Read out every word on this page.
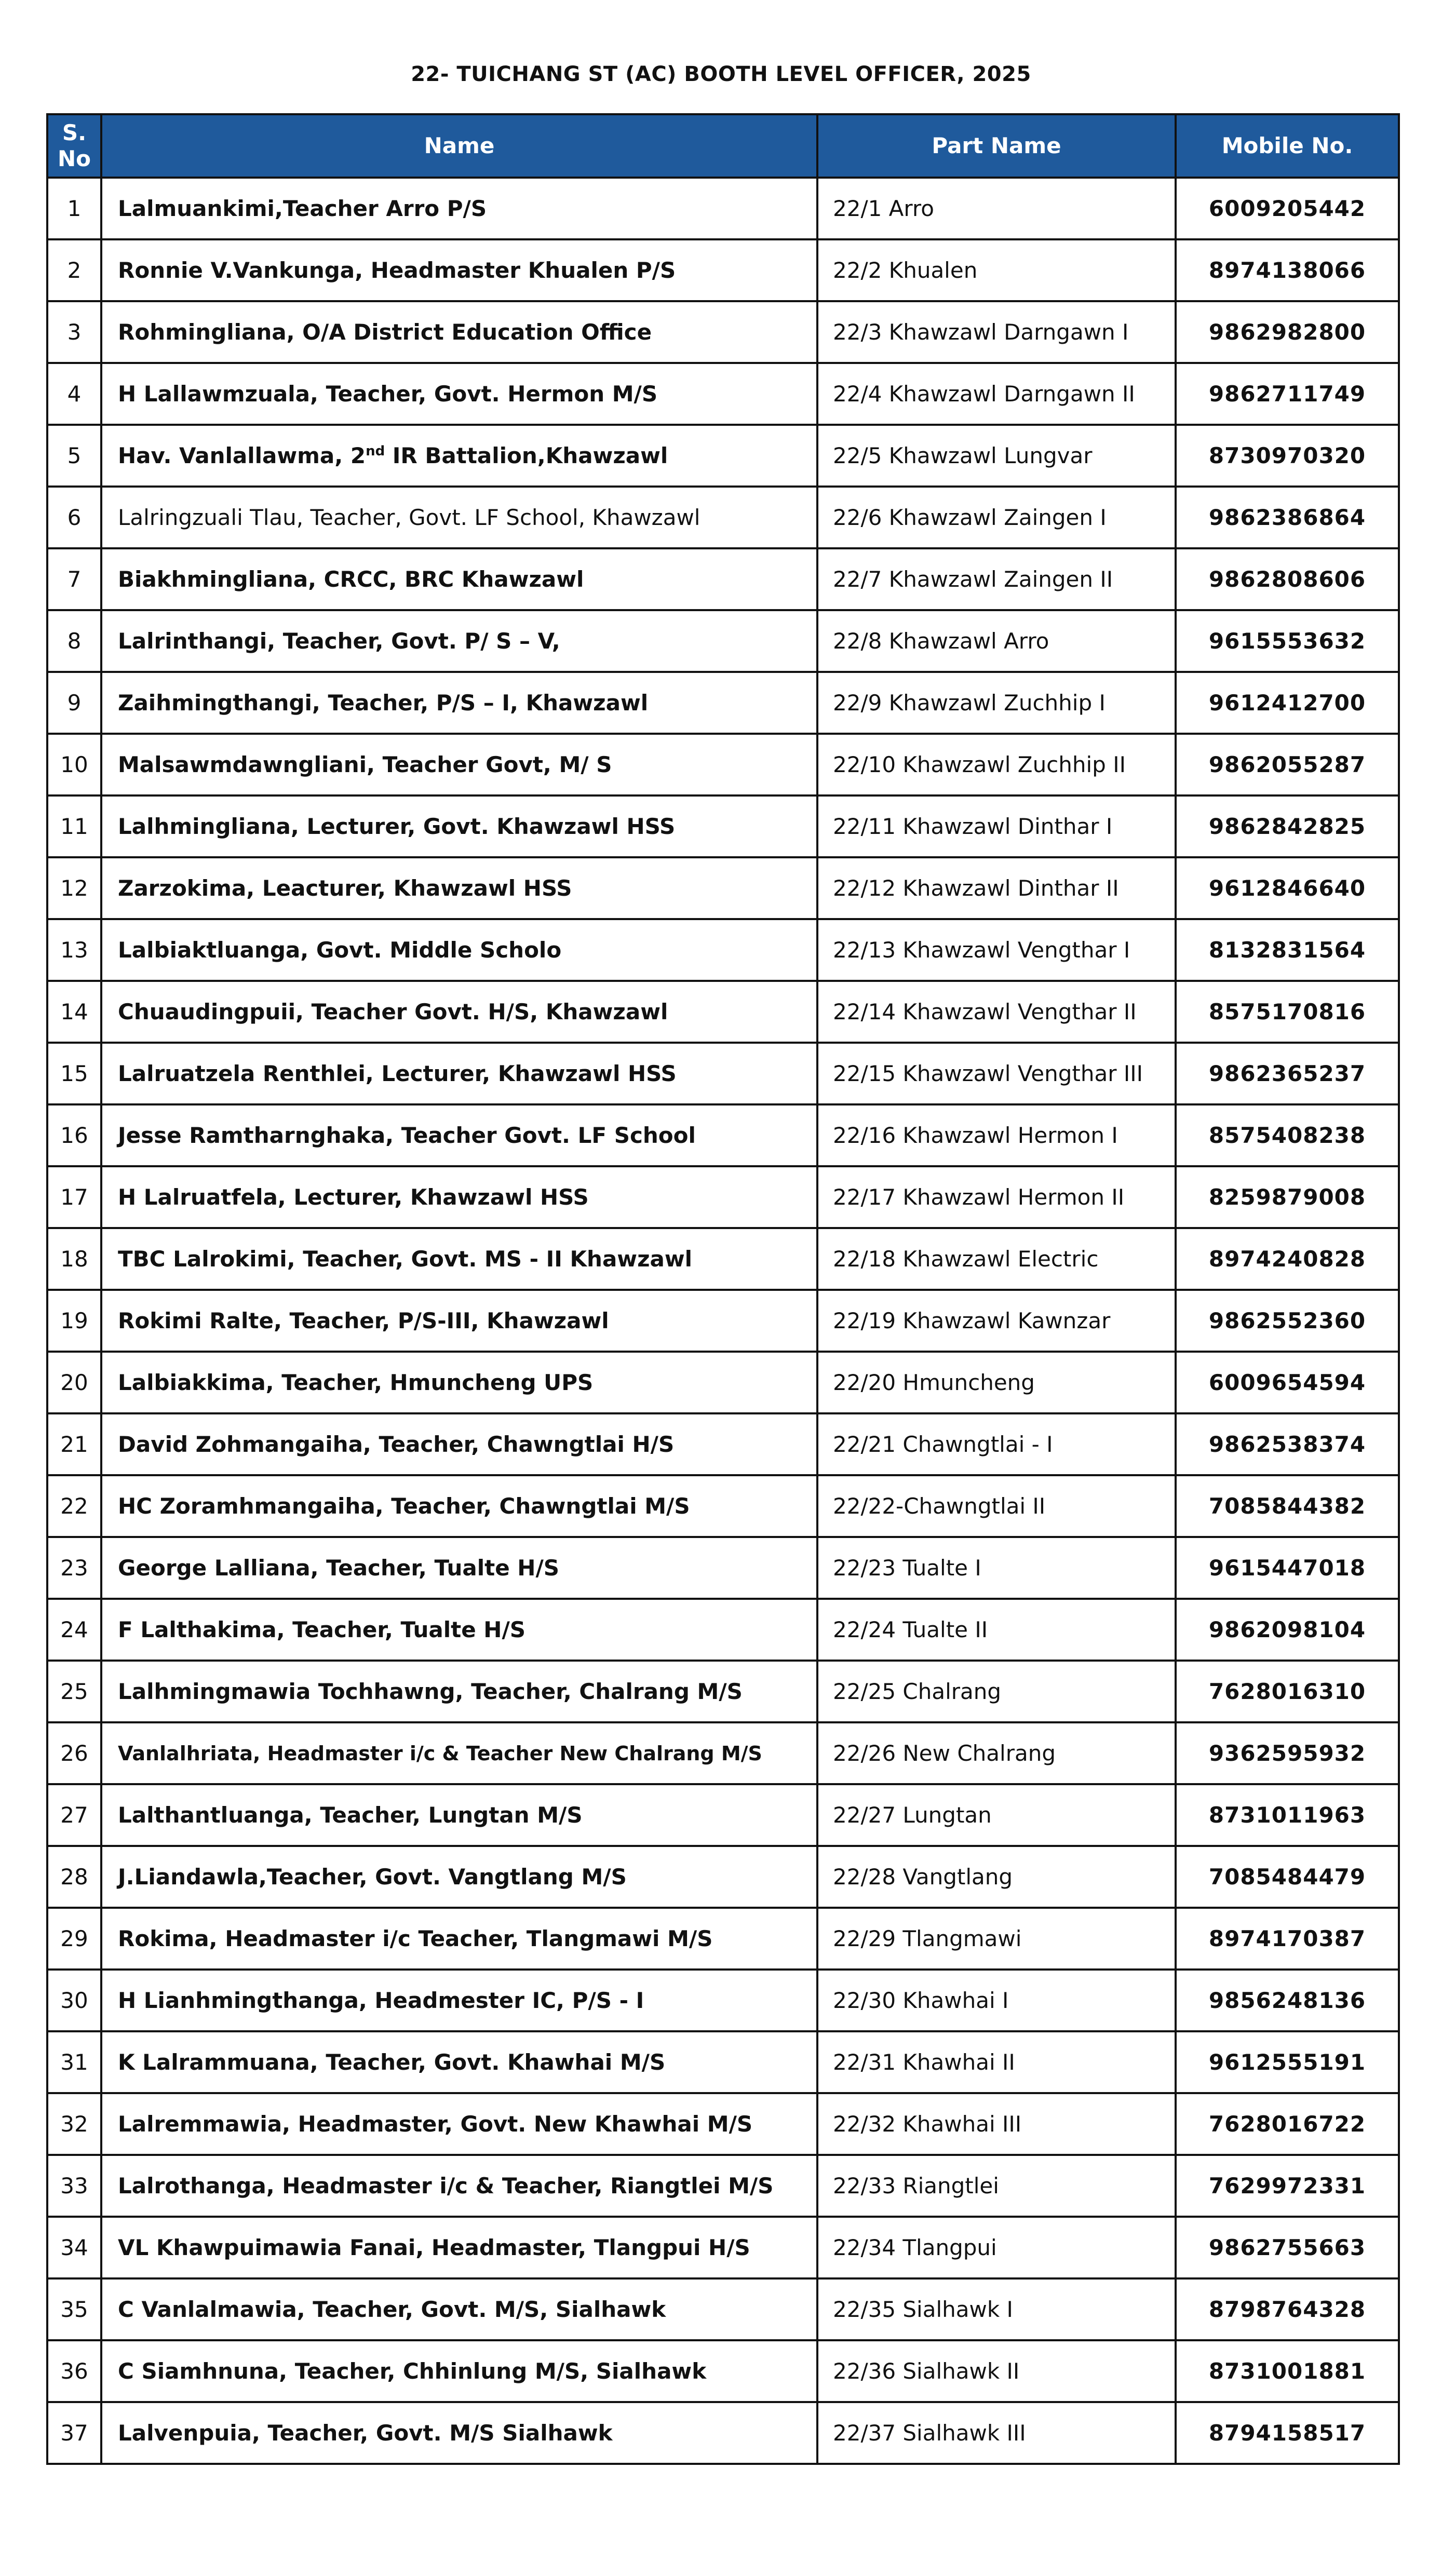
22- TUICHANG ST (AC) BOOTH LEVEL OFFICER, 2025
S.
No	Name	Part Name	Mobile No.
1	Lalmuankimi,Teacher Arro P/S	22/1 Arro	6009205442
2	Ronnie V.Vankunga, Headmaster Khualen P/S	22/2 Khualen	8974138066
3	Rohmingliana, O/A District Education Office	22/3 Khawzawl Darngawn I	9862982800
4	H Lallawmzuala, Teacher, Govt. Hermon M/S	22/4 Khawzawl Darngawn II	9862711749
5	Hav. Vanlallawma, 2nd IR Battalion,Khawzawl	22/5 Khawzawl Lungvar	8730970320
6	Lalringzuali Tlau, Teacher, Govt. LF School, Khawzawl	22/6 Khawzawl Zaingen I	9862386864
7	Biakhmingliana, CRCC, BRC Khawzawl	22/7 Khawzawl Zaingen II	9862808606
8	Lalrinthangi, Teacher, Govt. P/ S – V,	22/8 Khawzawl Arro	9615553632
9	Zaihmingthangi, Teacher, P/S – I, Khawzawl	22/9 Khawzawl Zuchhip I	9612412700
10	Malsawmdawngliani, Teacher Govt, M/ S	22/10 Khawzawl Zuchhip II	9862055287
11	Lalhmingliana, Lecturer, Govt. Khawzawl HSS	22/11 Khawzawl Dinthar I	9862842825
12	Zarzokima, Leacturer, Khawzawl HSS	22/12 Khawzawl Dinthar II	9612846640
13	Lalbiaktluanga, Govt. Middle Scholo	22/13 Khawzawl Vengthar I	8132831564
14	Chuaudingpuii, Teacher Govt. H/S, Khawzawl	22/14 Khawzawl Vengthar II	8575170816
15	Lalruatzela Renthlei, Lecturer, Khawzawl HSS	22/15 Khawzawl Vengthar III	9862365237
16	Jesse Ramtharnghaka, Teacher Govt. LF School	22/16 Khawzawl Hermon I	8575408238
17	H Lalruatfela, Lecturer, Khawzawl HSS	22/17 Khawzawl Hermon II	8259879008
18	TBC Lalrokimi, Teacher, Govt. MS - II Khawzawl	22/18 Khawzawl Electric	8974240828
19	Rokimi Ralte, Teacher, P/S-III, Khawzawl	22/19 Khawzawl Kawnzar	9862552360
20	Lalbiakkima, Teacher, Hmuncheng UPS	22/20 Hmuncheng	6009654594
21	David Zohmangaiha, Teacher, Chawngtlai H/S	22/21 Chawngtlai - I	9862538374
22	HC Zoramhmangaiha, Teacher, Chawngtlai M/S	22/22-Chawngtlai II	7085844382
23	George Lalliana, Teacher, Tualte H/S	22/23 Tualte I	9615447018
24	F Lalthakima, Teacher, Tualte H/S	22/24 Tualte II	9862098104
25	Lalhmingmawia Tochhawng, Teacher, Chalrang M/S	22/25 Chalrang	7628016310
26	Vanlalhriata, Headmaster i/c & Teacher New Chalrang M/S	22/26 New Chalrang	9362595932
27	Lalthantluanga, Teacher, Lungtan M/S	22/27 Lungtan	8731011963
28	J.Liandawla,Teacher, Govt. Vangtlang M/S	22/28 Vangtlang	7085484479
29	Rokima, Headmaster i/c Teacher, Tlangmawi M/S	22/29 Tlangmawi	8974170387
30	H Lianhmingthanga, Headmester IC, P/S - I	22/30 Khawhai I	9856248136
31	K Lalrammuana, Teacher, Govt. Khawhai M/S	22/31 Khawhai II	9612555191
32	Lalremmawia, Headmaster, Govt. New Khawhai M/S	22/32 Khawhai III	7628016722
33	Lalrothanga, Headmaster i/c & Teacher, Riangtlei M/S	22/33 Riangtlei	7629972331
34	VL Khawpuimawia Fanai, Headmaster, Tlangpui H/S	22/34 Tlangpui	9862755663
35	C Vanlalmawia, Teacher, Govt. M/S, Sialhawk	22/35 Sialhawk I	8798764328
36	C Siamhnuna, Teacher, Chhinlung M/S, Sialhawk	22/36 Sialhawk II	8731001881
37	Lalvenpuia, Teacher, Govt. M/S Sialhawk	22/37 Sialhawk III	8794158517
